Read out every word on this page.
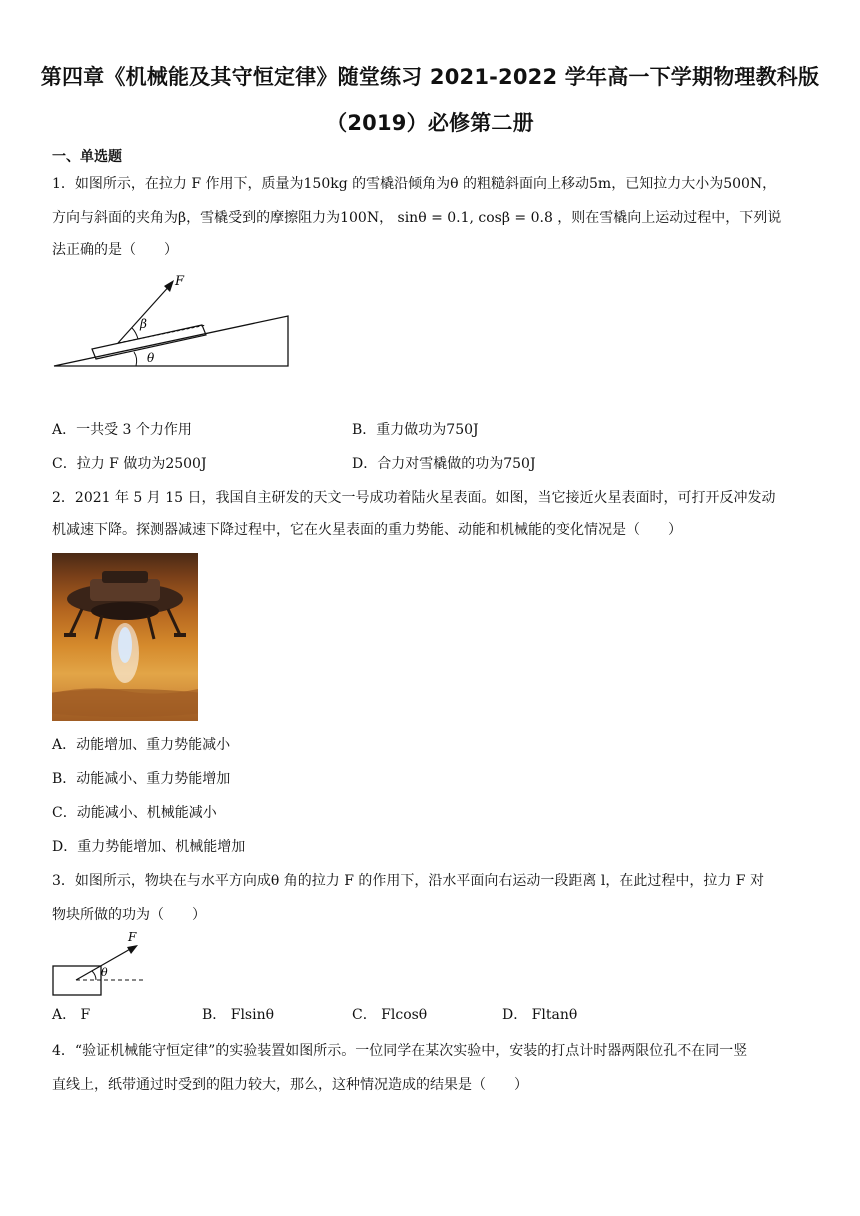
第四章《机械能及其守恒定律》随堂练习 2021-2022 学年高一下学期物理教科版
（2019）必修第二册
一、单选题
1．如图所示，在拉力 F 作用下，质量为150kg 的雪橇沿倾角为θ 的粗糙斜面向上移动5m，已知拉力大小为500N，
方向与斜面的夹角为β，雪橇受到的摩擦阻力为100N， sinθ = 0.1, cosβ = 0.8 ，则在雪橇向上运动过程中，下列说
法正确的是（　　）
F
β
θ
A．一共受 3 个力作用	B．重力做功为750J
C．拉力 F 做功为2500J	D．合力对雪橇做的功为750J
2．2021 年 5 月 15 日，我国自主研发的天文一号成功着陆火星表面。如图，当它接近火星表面时，可打开反冲发动
机减速下降。探测器减速下降过程中，它在火星表面的重力势能、动能和机械能的变化情况是（　　）
A．动能增加、重力势能减小
B．动能减小、重力势能增加
C．动能减小、机械能减小
D．重力势能增加、机械能增加
3．如图所示，物块在与水平方向成θ 角的拉力 F 的作用下，沿水平面向右运动一段距离 l，在此过程中，拉力 F 对
物块所做的功为（　　）
F
θ
A． F	B． Flsinθ	C． Flcosθ	D． Fltanθ
4．“验证机械能守恒定律”的实验装置如图所示。一位同学在某次实验中，安装的打点计时器两限位孔不在同一竖
直线上，纸带通过时受到的阻力较大，那么，这种情况造成的结果是（　　）
